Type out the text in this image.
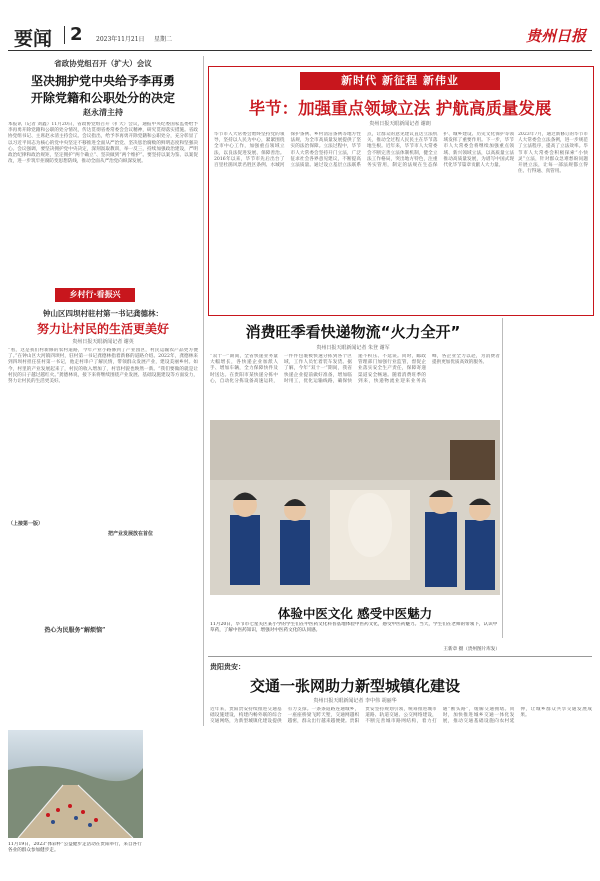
要闻 2 2023年11月21日 星期二	贵州日报
省政协党组召开（扩大）会议
坚决拥护党中央给予李再勇
开除党籍和公职处分的决定
赵永清主持
本报讯（记者 刘鑫）11月20日，省政协党组召开（扩大）会议，通报中央纪委国家监委给予李再勇开除党籍和公职的处分情况，传达贯彻省委常委会会议精神，研究贯彻落实措施。省政协党组书记、主席赵永清主持会议。会议指出，给予李再勇开除党籍和公职处分，充分彰显了以习近平同志为核心的党中央坚定不移推进全面从严治党、坚决惩治腐败的鲜明态度和坚强决心。会议强调，要坚决拥护党中央决定，深刻汲取教训，举一反三，持续加强政治建设，严明政治纪律和政治规矩，坚定拥护“两个确立”、坚决做到“两个维护”。要坚持以案为鉴、以案促改，进一步筑牢拒腐防变思想防线，推动全面从严治党向纵深发展。
乡村行·看振兴
钟山区四坝村驻村第一书记龚德林：
努力让村民的生活更美好
贵州日报天眼新闻记者 谢英
“看，这是我们村新修的农村道路，今年产业小路修到了产业园区，村民运输农产品更方便了。”在钟山区大河镇四坝村，驻村第一书记龚德林指着新修的道路介绍。2022年，龚德林来到四坝村担任驻村第一书记，他走村串户了解民情，带领群众发展产业，建设美丽乡村。如今，村里的产业发展起来了，村民的收入增加了，村容村貌也焕然一新。“我们要做的就是让村民的日子越过越红火。”龚德林说，接下来将继续围绕产业发展、基础设施建设等方面发力，努力让村民的生活更美好。
（上接第一版）
热心为民服务“解烦恼”
把产业发展放在首位
11月19日，2023“体彩杯”公益健步走活动在贵阳举行，来自各行各业的群众参加健步走。
新时代 新征程 新伟业
毕节：加强重点领域立法 护航高质量发展
贵州日报天眼新闻记者 谢朗
毕节市人大常委会始终坚持党的领导，坚持以人民为中心，紧紧围绕全市中心工作，加强重点领域立法，以良法促进发展、保障善治。2016年以来，毕节市先后出台了百里杜鹃风景名胜区条例、水城河保护条例、乡村清洁条例等地方性法规，为全市高质量发展提供了坚实的法治保障。立法过程中，毕节市人大常委会坚持开门立法，广泛征求社会各界意见建议，不断提高立法质量。通过设立基层立法联系点，让群众的意见建议直达立法机关，推动全过程人民民主在毕节落地生根。近年来，毕节市人大常委会不断完善立法体制机制，健全立法工作格局，突出地方特色，注重务实管用，制定的法规在生态保护、城乡建设、历史文化保护等领域发挥了重要作用。下一步，毕节市人大常委会将继续加强重点领域、新兴领域立法，以高质量立法推动高质量发展，为谱写中国式现代化毕节篇章贡献人大力量。
2023年7月，通过新修订的毕节市人大常委会立法条例，进一步规范了立法程序，提高了立法效率。毕节市人大常委会积极探索“小快灵”立法，针对群众急难愁盼问题开展立法，让每一部法规都立得住、行得通、真管用。
消费旺季看快递物流“火力全开”
贵州日报天眼新闻记者 朱登 谢军
“双十一”期间，全省快递业务量大幅增长，各快递企业加派人手、增加车辆，全力保障快件及时送达。在贵阳市某快递分拣中心，自动化分拣设备高速运转，一件件包裹被快速分拣到各个区域，工作人员忙着装车发货。据了解，今年“双十一”期间，我省快递企业提前做好准备，增加临时用工，优化运输线路，确保快递不积压、不延误。同时，邮政管理部门加强行业监管，督促企业落实安全生产责任，保障寄递渠道安全畅通。随着消费旺季的到来，快递物流业迎来业务高峰，各企业全力以赴，为消费者提供更加优质高效的服务。
体验中医文化 感受中医魅力
11月20日，毕节市七星关区某小学的学生们在中医药文化科普基地体验中医药文化，感受中医药魅力。当天，学生们在老师的带领下，认识中草药，了解中医药知识，增强对中医药文化的认同感。
王新章 摄（贵州图片库发）
贵阳贵安：
交通一张网助力新型城镇化建设
贵州日报天眼新闻记者 李中伟 胡丽华
近年来，贵阳贵安持续推进交通基础设施建设，构建内畅外联的综合交通网络，为新型城镇化建设提供有力支撑。一条条道路连通城乡，一座座桥梁飞跨天堑，交通网越织越密，群众出行越来越便捷。贵阳贵安坚持规划引领，统筹推进城市道路、轨道交通、公交网络建设，不断完善城市路网结构，着力打通“断头路”，缓解交通拥堵。同时，加快推进城乡交通一体化发展，推动交通基础设施向农村延伸，让城乡群众共享交通发展成果。
